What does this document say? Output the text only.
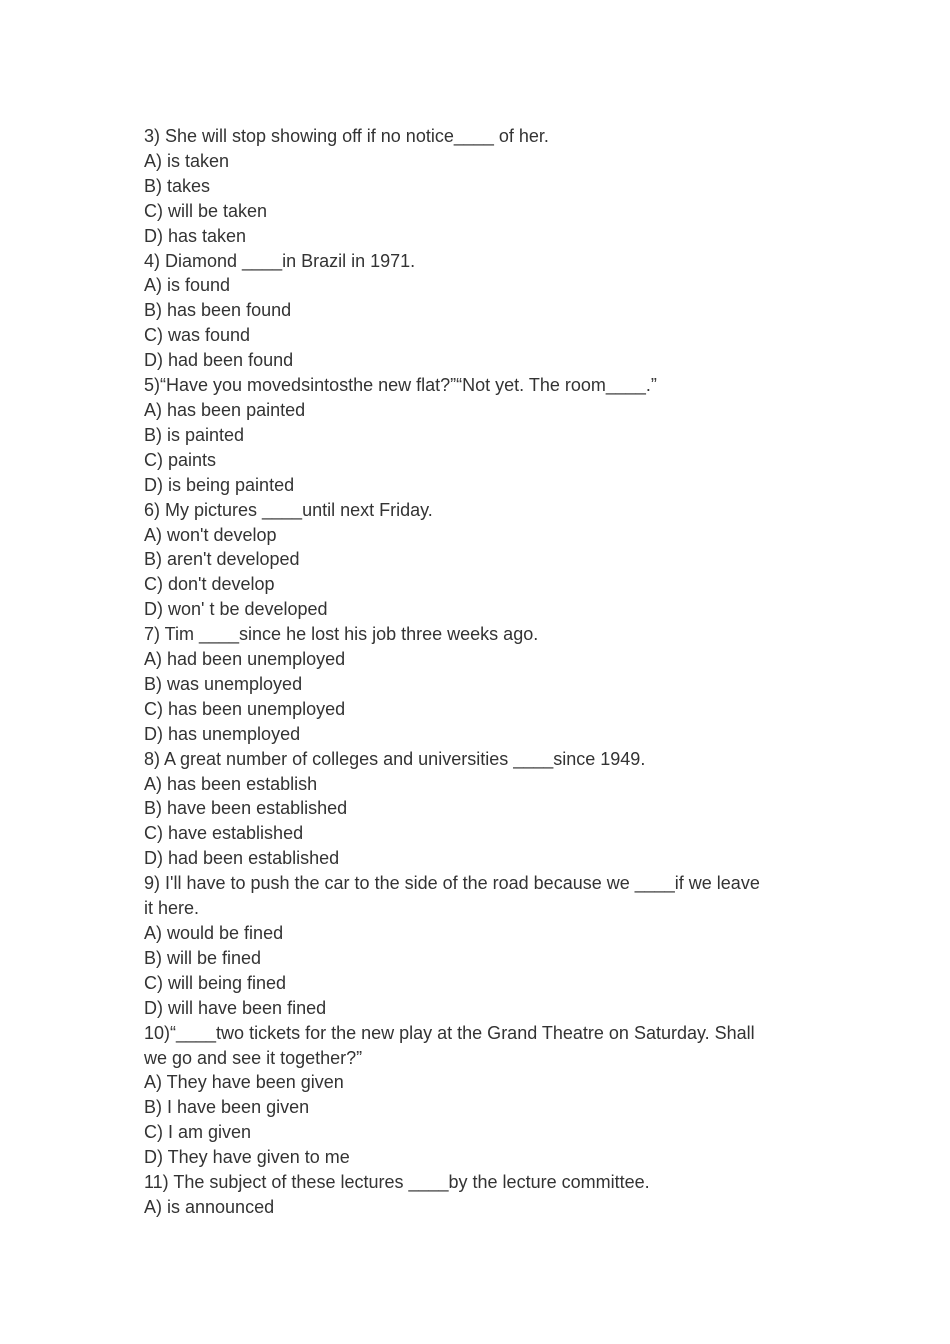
3) She will stop showing off if no notice____ of her.
A) is taken
B) takes
C) will be taken
D) has taken
4) Diamond ____in Brazil in 1971.
A) is found
B) has been found
C) was found
D) had been found
5)“Have you movedsintosthe new flat?”“Not yet. The room____.”
A) has been painted
B) is painted
C) paints
D) is being painted
6) My pictures ____until next Friday.
A) won't develop
B) aren't developed
C) don't develop
D) won' t be developed
7) Tim ____since he lost his job three weeks ago.
A) had been unemployed
B) was unemployed
C) has been unemployed
D) has unemployed
8) A great number of colleges and universities ____since 1949.
A) has been establish
B) have been established
C) have established
D) had been established
9) I'll have to push the car to the side of the road because we ____if we leave
it here.
A) would be fined
B) will be fined
C) will being fined
D) will have been fined
10)“____two tickets for the new play at the Grand Theatre on Saturday. Shall
we go and see it together?”
A) They have been given
B) I have been given
C) I am given
D) They have given to me
11) The subject of these lectures ____by the lecture committee.
A) is announced
